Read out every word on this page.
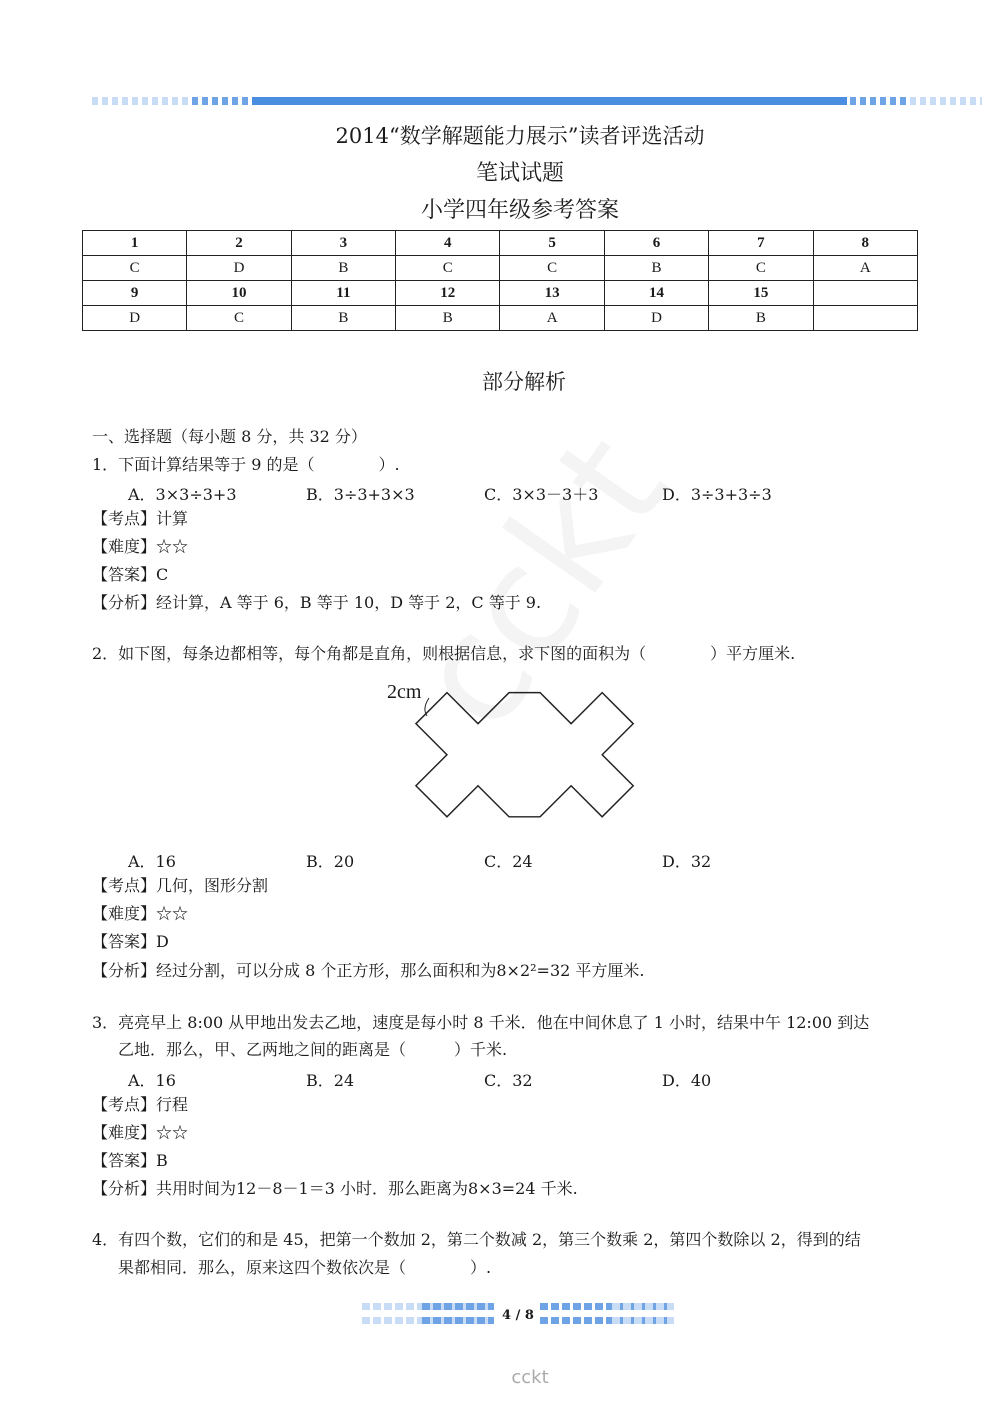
2014“数学解题能力展示”读者评选活动

笔试试题

小学四年级参考答案

1	2	3	4	5	6	7	8
C	D	B	C	C	B	C	A
9	10	11	12	13	14	15	
D	C	B	B	A	D	B	
部分解析
一、选择题（每小题 8 分，共 32 分）
1．下面计算结果等于 9 的是（　　　　）.
A．3×3÷3+3	B．3÷3+3×3	C．3×3－3＋3	D．3÷3+3÷3
【考点】计算
【难度】☆☆
【答案】C
【分析】经计算，A 等于 6，B 等于 10，D 等于 2，C 等于 9.
2．如下图，每条边都相等，每个角都是直角，则根据信息，求下图的面积为（　　　　）平方厘米.
2cm
A．16	B．20	C．24	D．32
【考点】几何，图形分割
【难度】☆☆
【答案】D
【分析】经过分割，可以分成 8 个正方形，那么面积和为8×2²=32 平方厘米.
3．亮亮早上 8:00 从甲地出发去乙地，速度是每小时 8 千米．他在中间休息了 1 小时，结果中午 12:00 到达
乙地．那么，甲、乙两地之间的距离是（　　　）千米.
A．16	B．24	C．32	D．40
【考点】行程
【难度】☆☆
【答案】B
【分析】共用时间为12－8－1＝3 小时．那么距离为8×3=24 千米.
4．有四个数，它们的和是 45，把第一个数加 2，第二个数减 2，第三个数乘 2，第四个数除以 2，得到的结
果都相同．那么，原来这四个数依次是（　　　　）.
4 / 8
cckt
